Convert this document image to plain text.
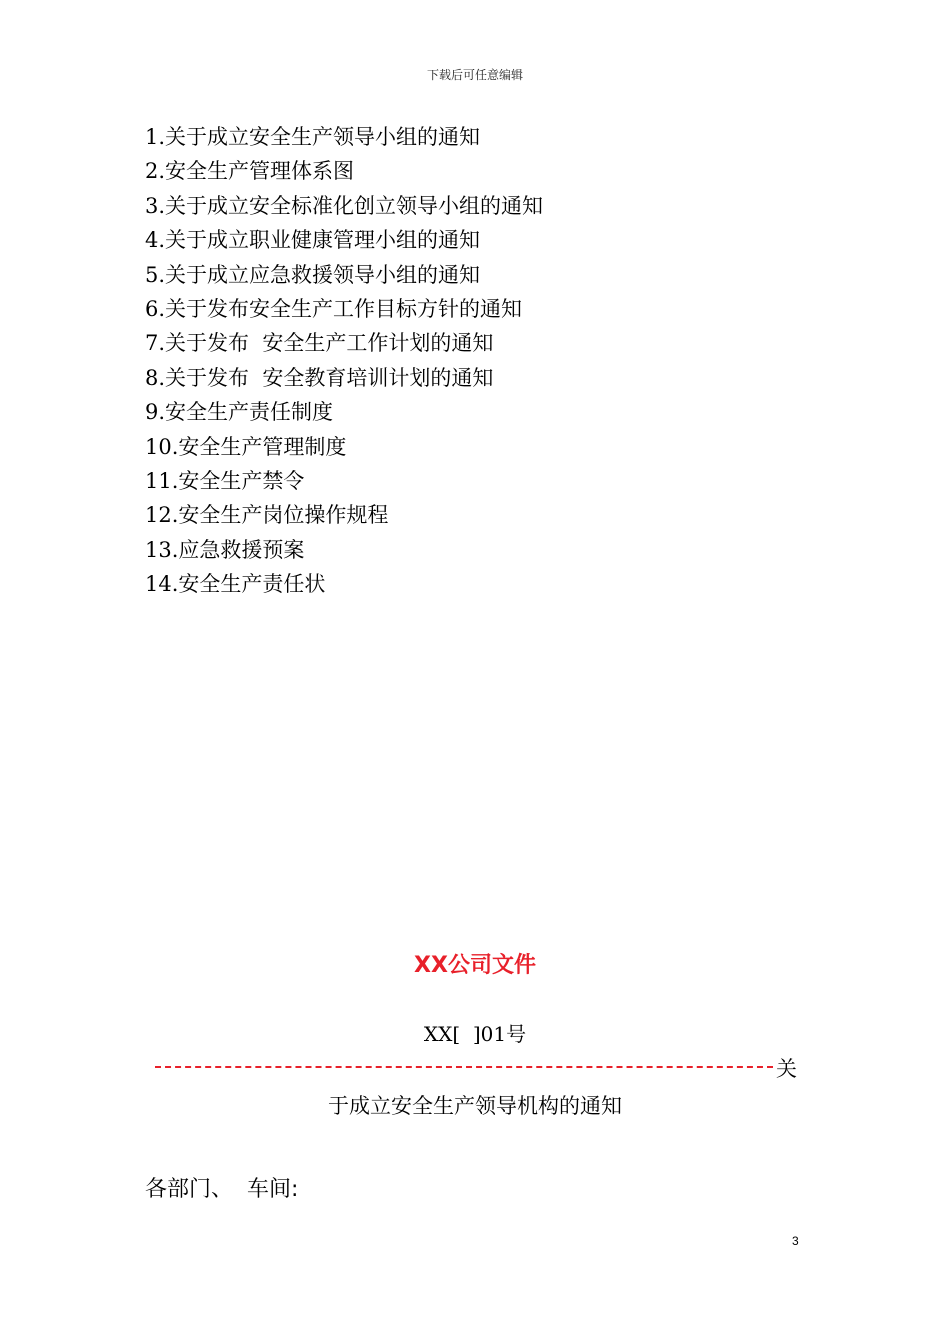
下载后可任意编辑
1.关于成立安全生产领导小组的通知
2.安全生产管理体系图
3.关于成立安全标准化创立领导小组的通知
4.关于成立职业健康管理小组的通知
5.关于成立应急救援领导小组的通知
6.关于发布安全生产工作目标方针的通知
7.关于发布  安全生产工作计划的通知
8.关于发布  安全教育培训计划的通知
9.安全生产责任制度
10.安全生产管理制度
11.安全生产禁令
12.安全生产岗位操作规程
13.应急救援预案
14.安全生产责任状
XX公司文件
XX[  ]01号
关
于成立安全生产领导机构的通知
各部门、  车间:
3
